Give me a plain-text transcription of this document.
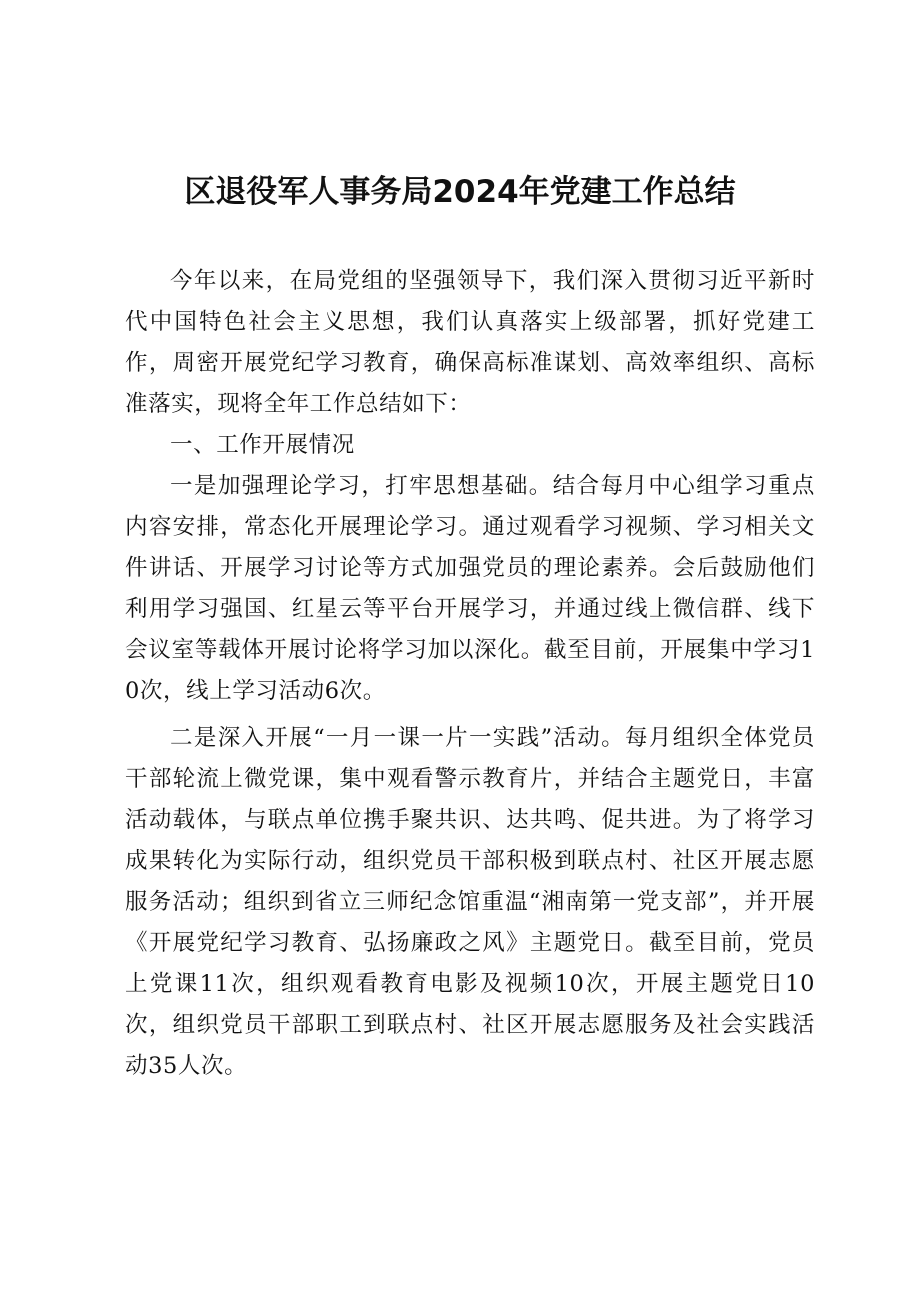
区退役军人事务局2024年党建工作总结

今年以来，在局党组的坚强领导下，我们深入贯彻习近平新时代中国特色社会主义思想，我们认真落实上级部署，抓好党建工作，周密开展党纪学习教育，确保高标准谋划、高效率组织、高标准落实，现将全年工作总结如下：

一、工作开展情况

一是加强理论学习，打牢思想基础。结合每月中心组学习重点内容安排，常态化开展理论学习。通过观看学习视频、学习相关文件讲话、开展学习讨论等方式加强党员的理论素养。会后鼓励他们利用学习强国、红星云等平台开展学习，并通过线上微信群、线下会议室等载体开展讨论将学习加以深化。截至目前，开展集中学习10次，线上学习活动6次。

二是深入开展“一月一课一片一实践”活动。每月组织全体党员干部轮流上微党课，集中观看警示教育片，并结合主题党日，丰富活动载体，与联点单位携手聚共识、达共鸣、促共进。为了将学习成果转化为实际行动，组织党员干部积极到联点村、社区开展志愿服务活动；组织到省立三师纪念馆重温“湘南第一党支部”，并开展《开展党纪学习教育、弘扬廉政之风》主题党日。截至目前，党员上党课11次，组织观看教育电影及视频10次，开展主题党日10次，组织党员干部职工到联点村、社区开展志愿服务及社会实践活动35人次。
